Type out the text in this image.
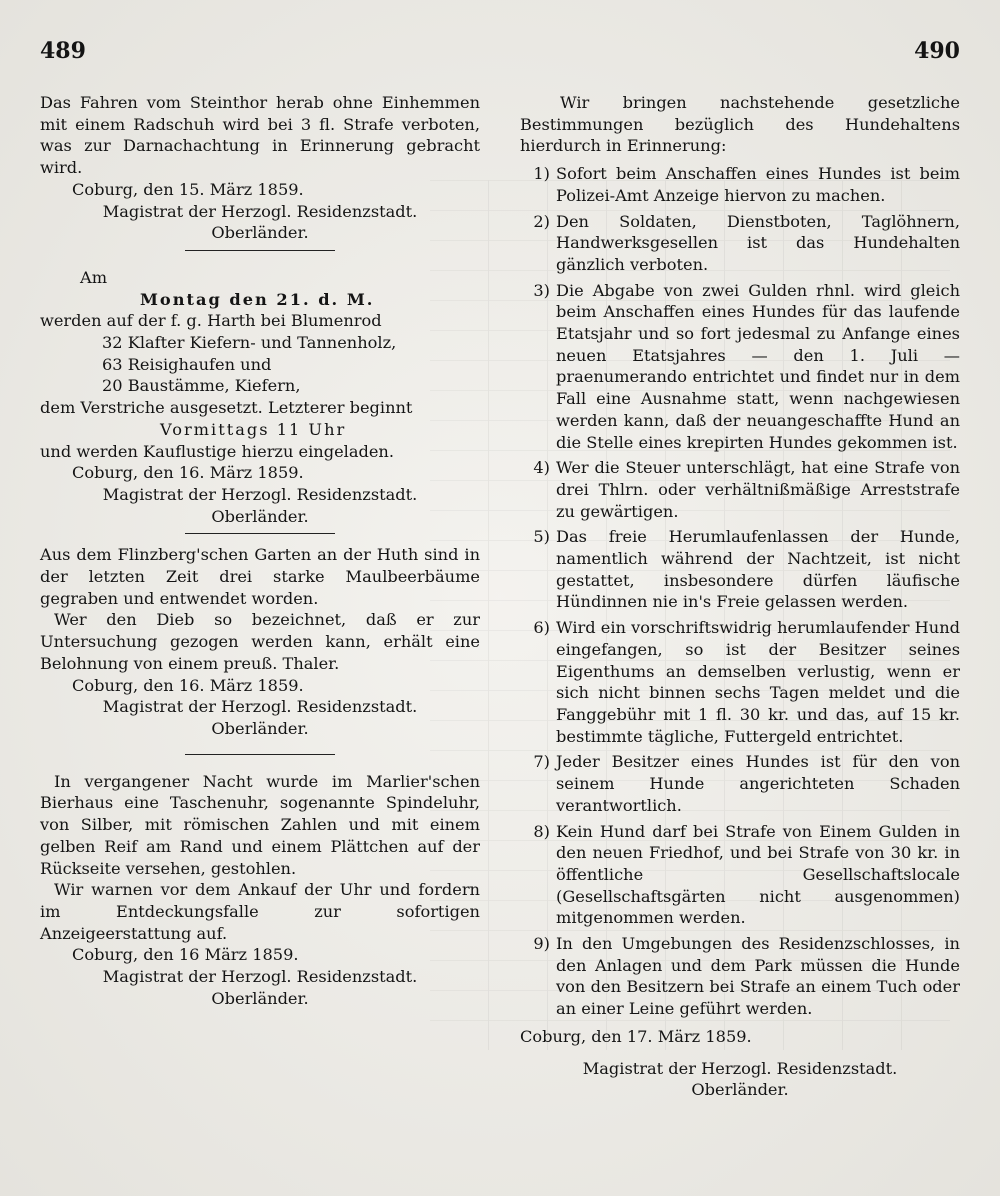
489	490

Das Fahren vom Steinthor herab ohne Einhemmen mit einem Radschuh wird bei 3 fl. Strafe verboten, was zur Darnachachtung in Erinnerung gebracht wird.

Coburg, den 15. März 1859.
Magistrat der Herzogl. Residenzstadt.
Oberländer.
Am
Montag den 21. d. M.
werden auf der f. g. Harth bei Blumenrod
32 Klafter Kiefern- und Tannenholz,
63 Reisighaufen und
20 Baustämme, Kiefern,
dem Verstriche ausgesetzt. Letzterer beginnt
Vormittags 11 Uhr
und werden Kauflustige hierzu eingeladen.
Coburg, den 16. März 1859.
Magistrat der Herzogl. Residenzstadt.
Oberländer.

Aus dem Flinzberg'schen Garten an der Huth sind in der letzten Zeit drei starke Maulbeerbäume gegraben und entwendet worden.

Wer den Dieb so bezeichnet, daß er zur Untersuchung gezogen werden kann, erhält eine Belohnung von einem preuß. Thaler.

Coburg, den 16. März 1859.
Magistrat der Herzogl. Residenzstadt.
Oberländer.

In vergangener Nacht wurde im Marlier'schen Bierhaus eine Taschenuhr, sogenannte Spindeluhr, von Silber, mit römischen Zahlen und mit einem gelben Reif am Rand und einem Plättchen auf der Rückseite versehen, gestohlen.

Wir warnen vor dem Ankauf der Uhr und fordern im Entdeckungsfalle zur sofortigen Anzeigeerstattung auf.

Coburg, den 16 März 1859.
Magistrat der Herzogl. Residenzstadt.
Oberländer.

Wir bringen nachstehende gesetzliche Bestimmungen bezüglich des Hundehaltens hierdurch in Erinnerung:

1) Sofort beim Anschaffen eines Hundes ist beim Polizei-Amt Anzeige hiervon zu machen.
2) Den Soldaten, Dienstboten, Taglöhnern, Handwerksgesellen ist das Hundehalten gänzlich verboten.
3) Die Abgabe von zwei Gulden rhnl. wird gleich beim Anschaffen eines Hundes für das laufende Etatsjahr und so fort jedesmal zu Anfange eines neuen Etatsjahres — den 1. Juli — praenumerando entrichtet und findet nur in dem Fall eine Ausnahme statt, wenn nachgewiesen werden kann, daß der neuangeschaffte Hund an die Stelle eines krepirten Hundes gekommen ist.
4) Wer die Steuer unterschlägt, hat eine Strafe von drei Thlrn. oder verhältnißmäßige Arreststrafe zu gewärtigen.
5) Das freie Herumlaufenlassen der Hunde, namentlich während der Nachtzeit, ist nicht gestattet, insbesondere dürfen läufische Hündinnen nie in's Freie gelassen werden.
6) Wird ein vorschriftswidrig herumlaufender Hund eingefangen, so ist der Besitzer seines Eigenthums an demselben verlustig, wenn er sich nicht binnen sechs Tagen meldet und die Fanggebühr mit 1 fl. 30 kr. und das, auf 15 kr. bestimmte tägliche, Futtergeld entrichtet.
7) Jeder Besitzer eines Hundes ist für den von seinem Hunde angerichteten Schaden verantwortlich.
8) Kein Hund darf bei Strafe von Einem Gulden in den neuen Friedhof, und bei Strafe von 30 kr. in öffentliche Gesellschaftslocale (Gesellschaftsgärten nicht ausgenommen) mitgenommen werden.
9) In den Umgebungen des Residenzschlosses, in den Anlagen und dem Park müssen die Hunde von den Besitzern bei Strafe an einem Tuch oder an einer Leine geführt werden.
Coburg, den 17. März 1859.
Magistrat der Herzogl. Residenzstadt.
Oberländer.
